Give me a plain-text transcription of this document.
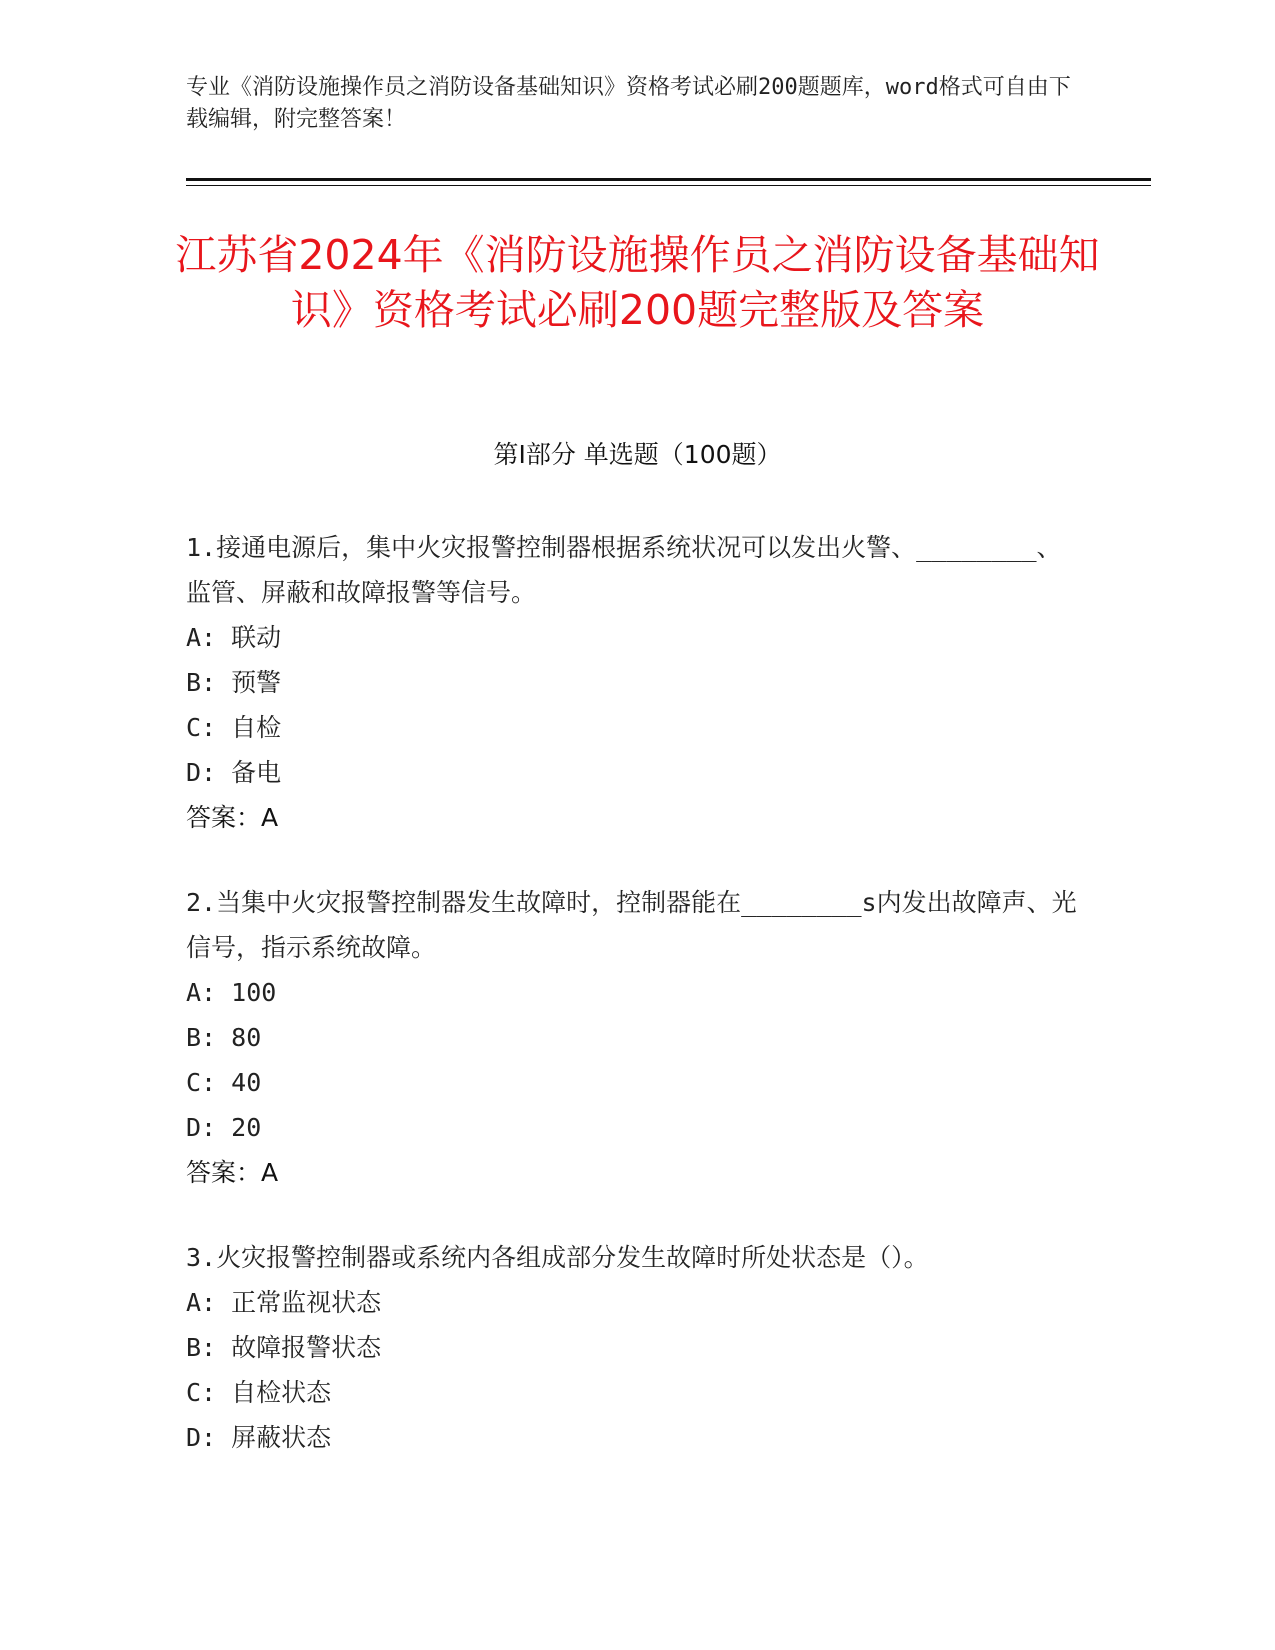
专业《消防设施操作员之消防设备基础知识》资格考试必刷200题题库，word格式可自由下载编辑，附完整答案！

江苏省2024年《消防设施操作员之消防设备基础知识》资格考试必刷200题完整版及答案
第Ⅰ部分 单选题（100题）

1.接通电源后，集中火灾报警控制器根据系统状况可以发出火警、________、监管、屏蔽和故障报警等信号。

A: 联动

B: 预警

C: 自检

D: 备电

答案：A

2.当集中火灾报警控制器发生故障时，控制器能在________s内发出故障声、光信号，指示系统故障。

A: 100

B: 80

C: 40

D: 20

答案：A

3.火灾报警控制器或系统内各组成部分发生故障时所处状态是（）。

A: 正常监视状态

B: 故障报警状态

C: 自检状态

D: 屏蔽状态
